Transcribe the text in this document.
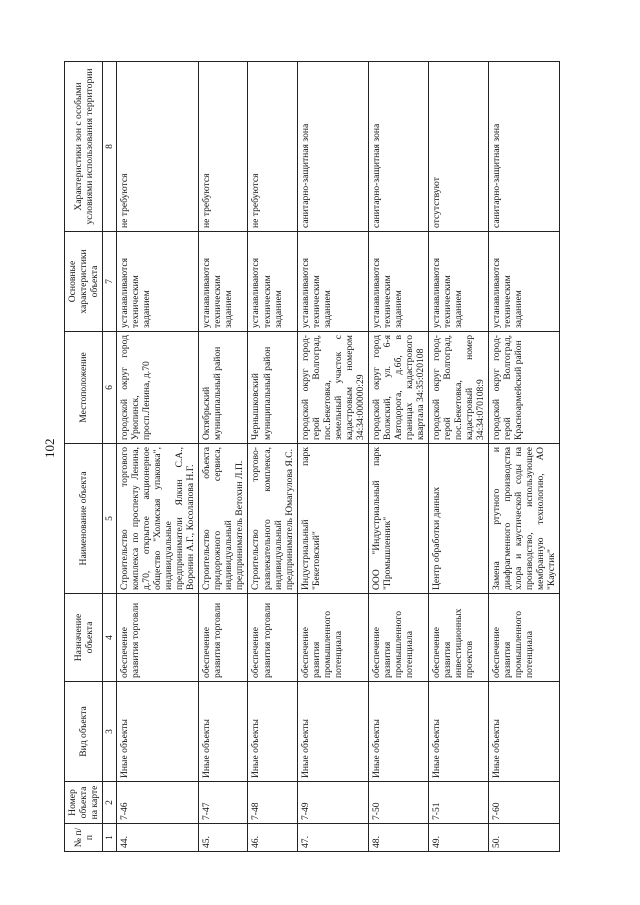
102
№ п/п	Номер объекта на карте	Вид объекта	Назначение объекта	Наименование объекта	Местоположение	Основные характеристики объекта	Характеристики зон с особыми условиями использования территории
1	2	3	4	5	6	7	8
44.	7-46	Иные объекты	обеспечение развития торговли	Строительство торгового комплекса по проспекту Ленина, д.70, открытое акционерное общество "Холмская упаковка", индивидуальные предприниматели Ялкин С.А., Воронин А.Г., Косолапова Н.Г.	городской округ город Урюпинск, просп.Ленина, д.70	устанавливаются техническим заданием	не требуются
45.	7-47	Иные объекты	обеспечение развития торговли	Строительство объекта придорожного сервиса, индивидуальный предприниматель Ветохин Л.П.	Октябрьский муниципальный район	устанавливаются техническим заданием	не требуются
46.	7-48	Иные объекты	обеспечение развития торговли	Строительство торгово-развлекательного комплекса, индивидуальный предприниматель Юмагулова Я.С.	Чернышковский муниципальный район	устанавливаются техническим заданием	не требуются
47.	7-49	Иные объекты	обеспечение развития промышленного потенциала	Индустриальный парк "Бекетовский"	городской округ город-герой Волгоград, пос.Бекетовка, земельный участок с кадастровым номером 34:34:000000:29	устанавливаются техническим заданием	санитарно-защитная зона
48.	7-50	Иные объекты	обеспечение развития промышленного потенциала	ООО "Индустриальный парк "Промышленник"	городской округ город Волжский, ул. 6-я Автодорога, д.6б, в границах кадастрового квартала 34:35:020108	устанавливаются техническим заданием	санитарно-защитная зона
49.	7-51	Иные объекты	обеспечение развития инвестиционных проектов	Центр обработки данных	городской округ город-герой Волгоград, пос.Бекетовка, кадастровый номер 34:34:070108:9	устанавливаются техническим заданием	отсутствуют
50.	7-60	Иные объекты	обеспечение развития промышленного потенциала	Замена ртутного и диафрагменного производства хлора и каустической соды на производство, использующее мембранную технологию, АО "Каустик"	городской округ город-герой Волгоград, Красноармейский район	устанавливаются техническим заданием	санитарно-защитная зона
